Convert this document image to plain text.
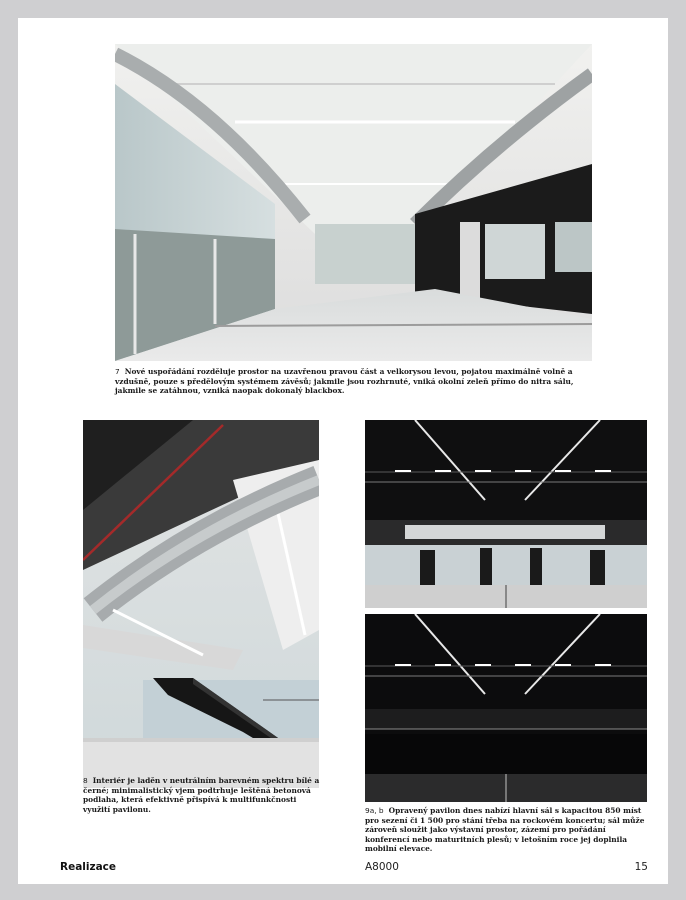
7 Nové uspořádání rozděluje prostor na uzavřenou pravou část a velkorysou levou, pojatou maximálně volně a vzdušně, pouze s předělovým systémem závěsů; jakmile jsou rozhrnuté, vniká okolní zeleň přímo do nitra sálu, jakmile se zatáhnou, vzniká naopak dokonalý blackbox.

8 Interiér je laděn v neutrálním barevném spektru bílé a černé; minimalistický vjem podtrhuje leštěná betonová podlaha, která efektivně přispívá k multifunkčnosti využití pavilonu.	9a, b Opravený pavilon dnes nabízí hlavní sál s kapacitou 850 míst pro sezení či 1 500 pro stání třeba na rockovém koncertu; sál může zároveň sloužit jako výstavní prostor, zázemí pro pořádání konferencí nebo maturitních plesů; v letošním roce jej doplnila mobilní elevace.

Realizace	A8000	15
